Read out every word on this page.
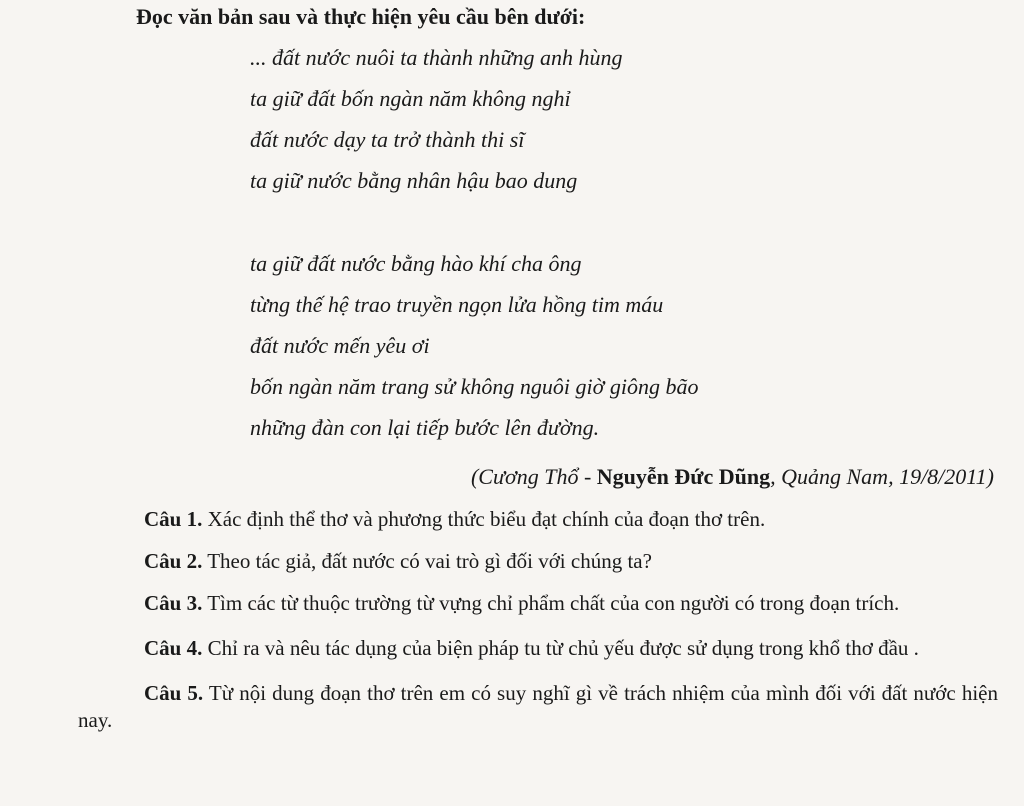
Đọc văn bản sau và thực hiện yêu cầu bên dưới:
... đất nước nuôi ta thành những anh hùng
ta giữ đất bốn ngàn năm không nghỉ
đất nước dạy ta trở thành thi sĩ
ta giữ nước bằng nhân hậu bao dung
ta giữ đất nước bằng hào khí cha ông
từng thế hệ trao truyền ngọn lửa hồng tim máu
đất nước mến yêu ơi
bốn ngàn năm trang sử không nguôi giờ giông bão
những đàn con lại tiếp bước lên đường.
(Cương Thổ - Nguyễn Đức Dũng, Quảng Nam, 19/8/2011)
Câu 1. Xác định thể thơ và phương thức biểu đạt chính của đoạn thơ trên.
Câu 2. Theo tác giả, đất nước có vai trò gì đối với chúng ta?
Câu 3. Tìm các từ thuộc trường từ vựng chỉ phẩm chất của con người có trong đoạn trích.
Câu 4. Chỉ ra và nêu tác dụng của biện pháp tu từ chủ yếu được sử dụng trong khổ thơ đầu .
Câu 5. Từ nội dung đoạn thơ trên em có suy nghĩ gì về trách nhiệm của mình đối với đất nước hiện nay.
